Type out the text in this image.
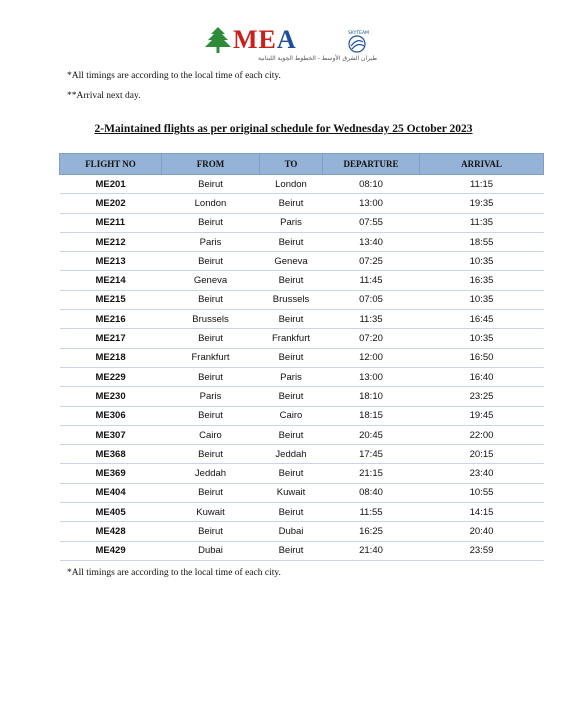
MEA
طيران الشرق الأوسط - الخطوط الجوية اللبنانية
SKYTEAM
*All timings are according to the local time of each city.
**Arrival next day.
2-Maintained flights as per original schedule for Wednesday 25 October 2023
FLIGHT NO	FROM	TO	DEPARTURE	ARRIVAL
ME201	Beirut	London	08:10	11:15
ME202	London	Beirut	13:00	19:35
ME211	Beirut	Paris	07:55	11:35
ME212	Paris	Beirut	13:40	18:55
ME213	Beirut	Geneva	07:25	10:35
ME214	Geneva	Beirut	11:45	16:35
ME215	Beirut	Brussels	07:05	10:35
ME216	Brussels	Beirut	11:35	16:45
ME217	Beirut	Frankfurt	07:20	10:35
ME218	Frankfurt	Beirut	12:00	16:50
ME229	Beirut	Paris	13:00	16:40
ME230	Paris	Beirut	18:10	23:25
ME306	Beirut	Cairo	18:15	19:45
ME307	Cairo	Beirut	20:45	22:00
ME368	Beirut	Jeddah	17:45	20:15
ME369	Jeddah	Beirut	21:15	23:40
ME404	Beirut	Kuwait	08:40	10:55
ME405	Kuwait	Beirut	11:55	14:15
ME428	Beirut	Dubai	16:25	20:40
ME429	Dubai	Beirut	21:40	23:59
*All timings are according to the local time of each city.
